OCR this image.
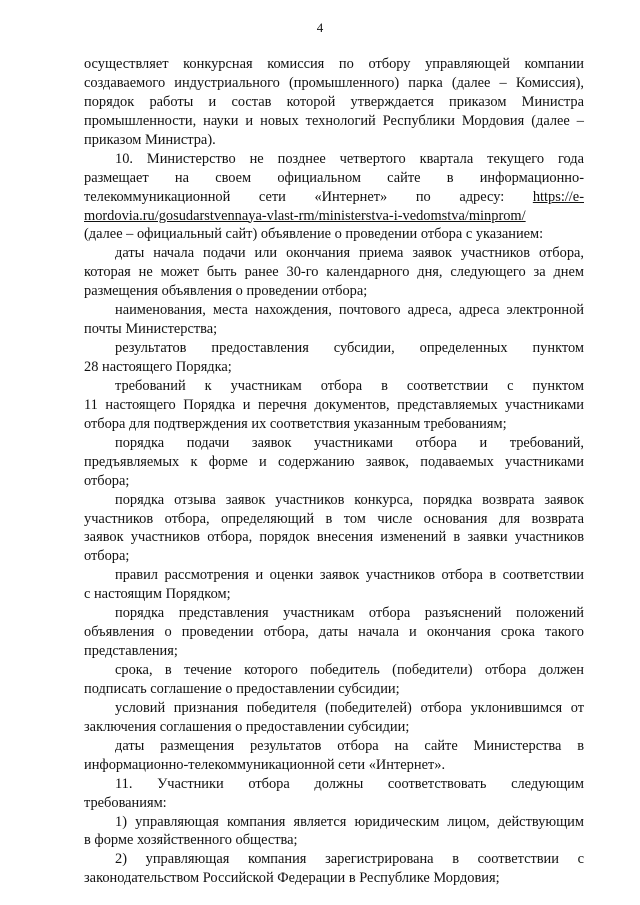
4
осуществляет конкурсная комиссия по отбору управляющей компании
создаваемого индустриального (промышленного) парка (далее – Комиссия),
порядок работы и состав которой утверждается приказом Министра
промышленности, науки и новых технологий Республики Мордовия (далее –
приказом Министра).
10. Министерство не позднее четвертого квартала текущего года
размещает на своем официальном сайте в информационно-
телекоммуникационной сети «Интернет» по адресу: https://e-
mordovia.ru/gosudarstvennaya-vlast-rm/ministerstva-i-vedomstva/minprom/
(далее – официальный сайт) объявление о проведении отбора с указанием:
даты начала подачи или окончания приема заявок участников отбора,
которая не может быть ранее 30-го календарного дня, следующего за днем
размещения объявления о проведении отбора;
наименования, места нахождения, почтового адреса, адреса электронной
почты Министерства;
результатов предоставления субсидии, определенных пунктом
28 настоящего Порядка;
требований к участникам отбора в соответствии с пунктом
11 настоящего Порядка и перечня документов, представляемых участниками
отбора для подтверждения их соответствия указанным требованиям;
порядка подачи заявок участниками отбора и требований,
предъявляемых к форме и содержанию заявок, подаваемых участниками
отбора;
порядка отзыва заявок участников конкурса, порядка возврата заявок
участников отбора, определяющий в том числе основания для возврата
заявок участников отбора, порядок внесения изменений в заявки участников
отбора;
правил рассмотрения и оценки заявок участников отбора в соответствии
с настоящим Порядком;
порядка представления участникам отбора разъяснений положений
объявления о проведении отбора, даты начала и окончания срока такого
представления;
срока, в течение которого победитель (победители) отбора должен
подписать соглашение о предоставлении субсидии;
условий признания победителя (победителей) отбора уклонившимся от
заключения соглашения о предоставлении субсидии;
даты размещения результатов отбора на сайте Министерства в
информационно-телекоммуникационной сети «Интернет».
11. Участники отбора должны соответствовать следующим
требованиям:
1) управляющая компания является юридическим лицом, действующим
в форме хозяйственного общества;
2) управляющая компания зарегистрирована в соответствии с
законодательством Российской Федерации в Республике Мордовия;
